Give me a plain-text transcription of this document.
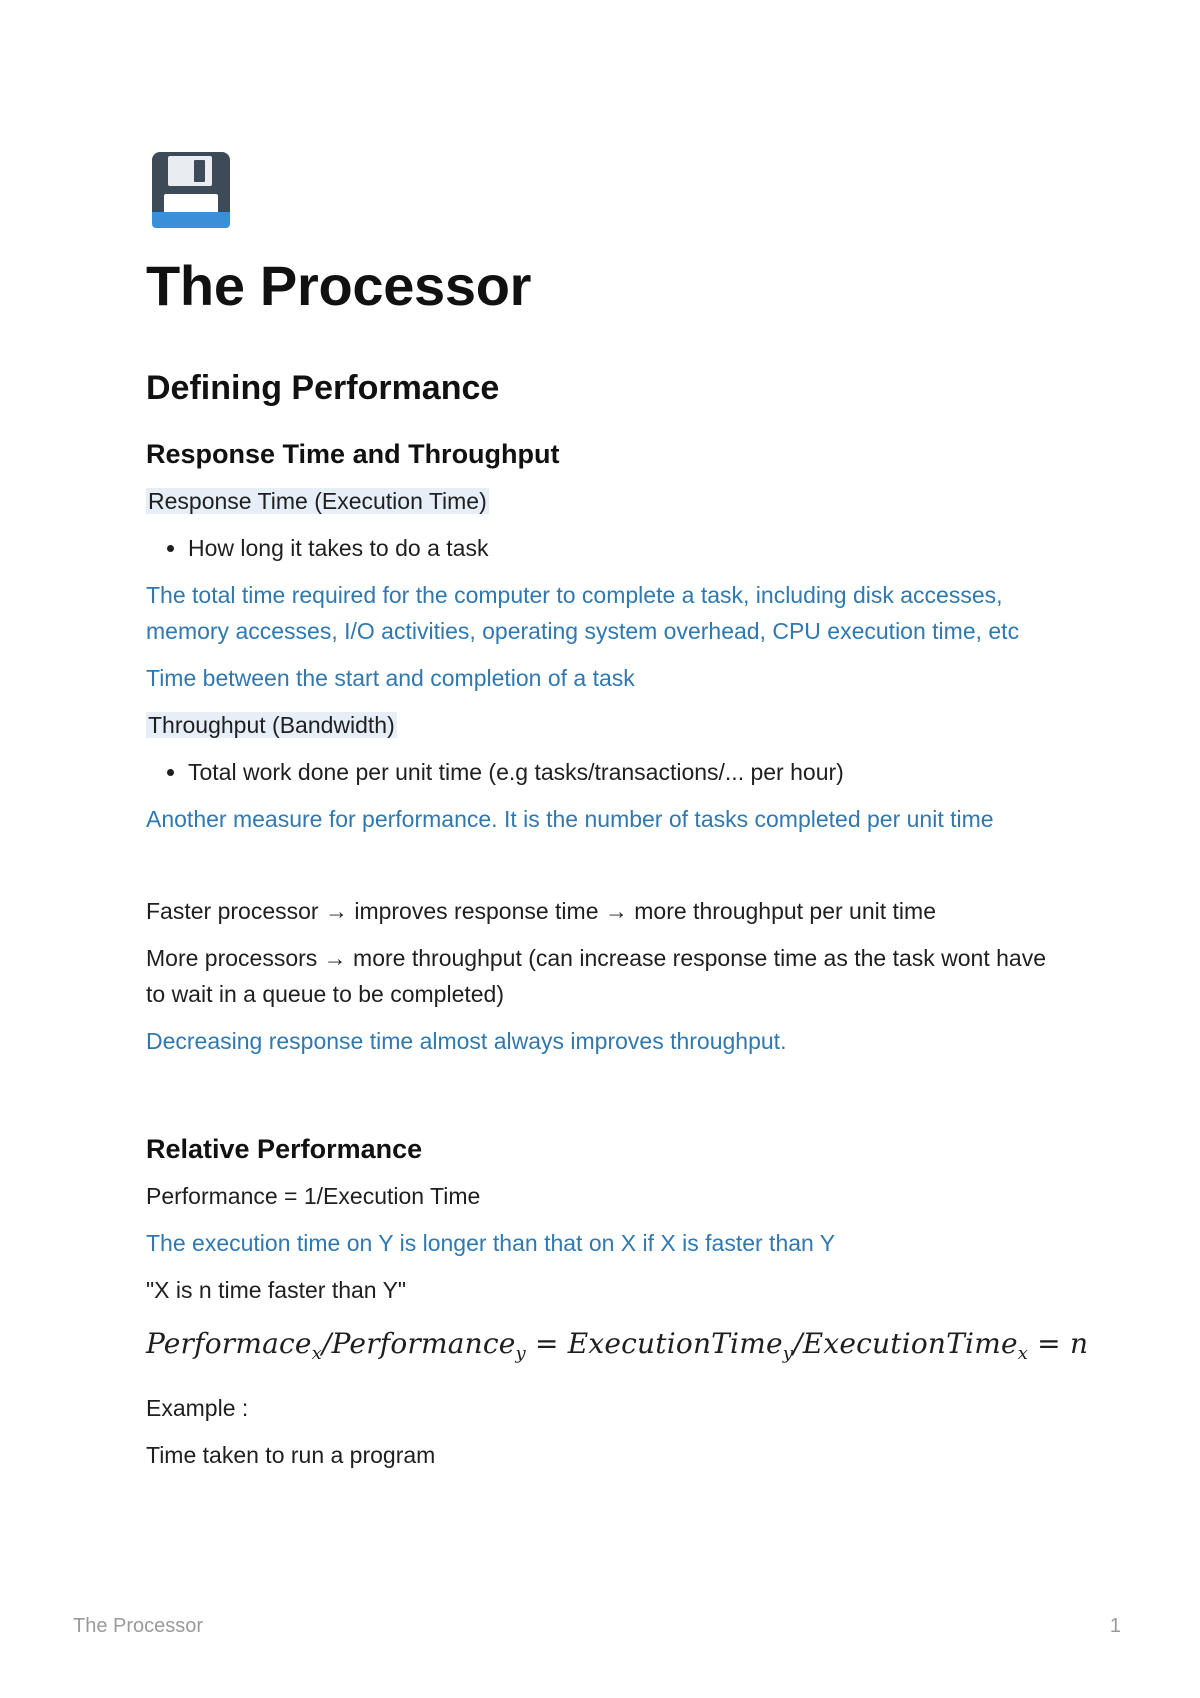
The Processor
Defining Performance
Response Time and Throughput

Response Time (Execution Time)

• How long it takes to do a task

The total time required for the computer to complete a task, including disk accesses, memory accesses, I/O activities, operating system overhead, CPU execution time, etc

Time between the start and completion of a task

Throughput (Bandwidth)

• Total work done per unit time (e.g tasks/transactions/... per hour)

Another measure for performance. It is the number of tasks completed per unit time

Faster processor → improves response time → more throughput per unit time

More processors → more throughput (can increase response time as the task wont have to wait in a queue to be completed)

Decreasing response time almost always improves throughput.

Relative Performance

Performance = 1/Execution Time

The execution time on Y is longer than that on X if X is faster than Y

"X is n time faster than Y"

Performace$_x$/Performance$_y$ = ExecutionTime$_y$/ExecutionTime$_x$ = n

Example :

Time taken to run a program

The Processor	1
